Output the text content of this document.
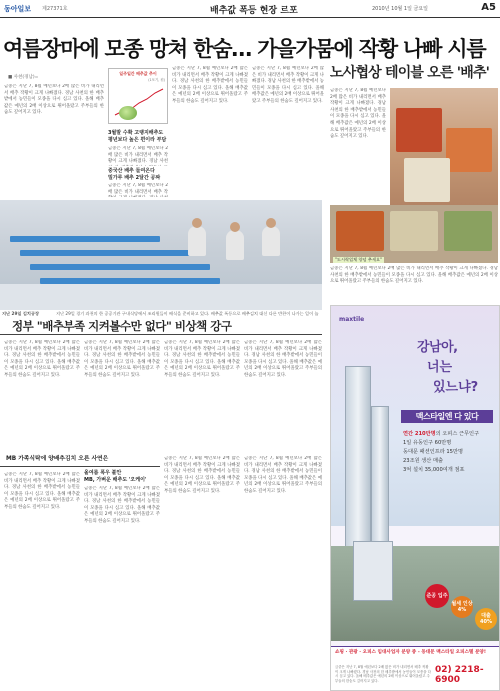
동아일보 제27371호	배추값 폭등 현장 르포	2010년 10월 1일 금요일	A5
여름장마에 모종 망쳐 한숨… 가을가뭄에 작황 나빠 시름
■ 사천(경남)=
금중은 지난 7, 8월 예년보다 2배 많은 비가 내리면서 배추 작황이 크게 나빠졌다. 경남 사천의 한 배추밭에서 농민들이 모종을 다시 심고 있다. 올해 배추값은 예년의 2배 이상으로 뛰어올랐고 주부들의 한숨도 깊어지고 있다.
일주일간 배추값 추이
(1포기, 원)
3월말 수확 고랭지배추도
평년보다 높은 편이라 부담
금중은 지난 7, 8월 예년보다 2배 많은 비가 내리면서 배추 작황이 크게 나빠졌다. 경남 사천
중국산 배추 들여온다
밀가루 배추 2달간 공짜
금중은 지난 7, 8월 예년보다 2배 많은 비가 내리면서 배추 작
금중은 지난 7, 8월 예년보다 2배 많은 비가 내리면서 배추 작황이 크게 나빠졌다. 경남 사천의 한 배추밭에서 농민들이 모종을 다시 심고 있다. 올해 배추값은 예년의 2배 이상으로 뛰어올랐고 주부들의 한숨도 깊어지고 있다.
금중은 지난 7, 8월 예년보다 2배 많은 비가 내리면서 배추 작황이 크게 나빠졌다. 경남 사천의 한 배추밭에서 농민들이 모종을 다시 심고 있다. 올해 배추값은 예년의 2배 이상으로 뛰어올랐고 주부들의 한숨도 깊어지고 있다.
지난 29일 김치공장	지난 29일 경기 과천의 한 공공기관 구내식당에서 조리원들이 배식을 준비하고 있다. 배추값 폭등으로 배추김치 대신 다른 반찬이 나가는 일이 늘
정부 "배추부족 지켜볼수만 없다" 비상책 강구
금중은 지난 7, 8월 예년보다 2배 많은 비가 내리면서 배추 작황이 크게 나빠졌다. 경남 사천의 한 배추밭에서 농민들이 모종을 다시 심고 있다. 올해 배추값은 예년의 2배 이상으로 뛰어올랐고 주부들의 한숨도 깊어지고 있다.
금중은 지난 7, 8월 예년보다 2배 많은 비가 내리면서 배추 작황이 크게 나빠졌다. 경남 사천의 한 배추밭에서 농민들이 모종을 다시 심고 있다. 올해 배추값은 예년의 2배 이상으로 뛰어올랐고 주부들의 한숨도 깊어지고 있다.
금중은 지난 7, 8월 예년보다 2배 많은 비가 내리면서 배추 작황이 크게 나빠졌다. 경남 사천의 한 배추밭에서 농민들이 모종을 다시 심고 있다. 올해 배추값은 예년의 2배 이상으로 뛰어올랐고 주부들의 한숨도 깊어지고 있다.
금중은 지난 7, 8월 예년보다 2배 많은 비가 내리면서 배추 작황이 크게 나빠졌다. 경남 사천의 한 배추밭에서 농민들이 모종을 다시 심고 있다. 올해 배추값은 예년의 2배 이상으로 뛰어올랐고 주부들의 한숨도 깊어지고 있다.
MB 가족식탁에 양배추김치 오른 사연은
올여름 폭우 불안
MB, 가벼운 배추도 '오케이'
금중은 지난 7, 8월 예년보다 2배 많은 비가 내리면서 배추 작황이 크게 나빠졌다. 경남 사천의 한 배추밭에서 농민들이 모종을 다시 심고 있다. 올해 배추값은 예년의 2배 이상으로 뛰어올랐고 주부들의 한숨도 깊어지고 있다.
금중은 지난 7, 8월 예년보다 2배 많은 비가 내리면서 배추 작황이 크게 나빠졌다. 경남 사천의 한 배추밭에서 농민들이 모종을 다시 심고 있다. 올해 배추값은 예년의 2배 이상으로 뛰어올랐고 주부들의 한숨도 깊어지고 있다.
금중은 지난 7, 8월 예년보다 2배 많은 비가 내리면서 배추 작황이 크게 나빠졌다. 경남 사천의 한 배추밭에서 농민들이 모종을 다시 심고 있다. 올해 배추값은 예년의 2배 이상으로 뛰어올랐고 주부들의 한숨도 깊어지고 있다.
금중은 지난 7, 8월 예년보다 2배 많은 비가 내리면서 배추 작황이 크게 나빠졌다. 경남 사천의 한 배추밭에서 농민들이 모종을 다시 심고 있다. 올해 배추값은 예년의 2배 이상으로 뛰어올랐고 주부들의 한숨도 깊어지고 있다.
노사협상 테이블 오른 '배추'
금중은 지난 7, 8월 예년보다 2배 많은 비가 내리면서 배추 작황이 크게 나빠졌다. 경남 사천의 한 배추밭에서 농민들이 모종을 다시 심고 있다. 올해 배추값은 예년의 2배 이상으로 뛰어올랐고 주부들의 한숨도 깊어지고 있다.
"도시락업체 양념 추세요"
금중은 지난 7, 8월 예년보다 2배 많은 비가 내리면서 배추 작황이 크게 나빠졌다. 경남 사천의 한 배추밭에서 농민들이 모종을 다시 심고 있다. 올해 배추값은 예년의 2배 이상으로 뛰어올랐고 주부들의 한숨도 깊어지고 있다.
maxtile
강남아,
너는
있느냐?
맥스타일엔 다 있다
연간 210만명의 오피스 근무인구
1일 유동인구 60만명
동대문 패션인프라 15만명
23조원 생산 매출
3억 설치 35,000여개 점포
준공 입주
월세 인상 4%
대출 40%
쇼핑 · 관광 · 오피스 임대사업자 분양 중 - 동대문 맥스타일 오피스텔 분양!
금중은 지난 7, 8월 예년보다 2배 많은 비가 내리면서 배추 작황이 크게 나빠졌다. 경남 사천의 한 배추밭에서 농민들이 모종을 다시 심고 있다. 올해 배추값은 예년의 2배 이상으로 뛰어올랐고 주부들의 한숨도 깊어지고 있다.
02) 2218-6900
